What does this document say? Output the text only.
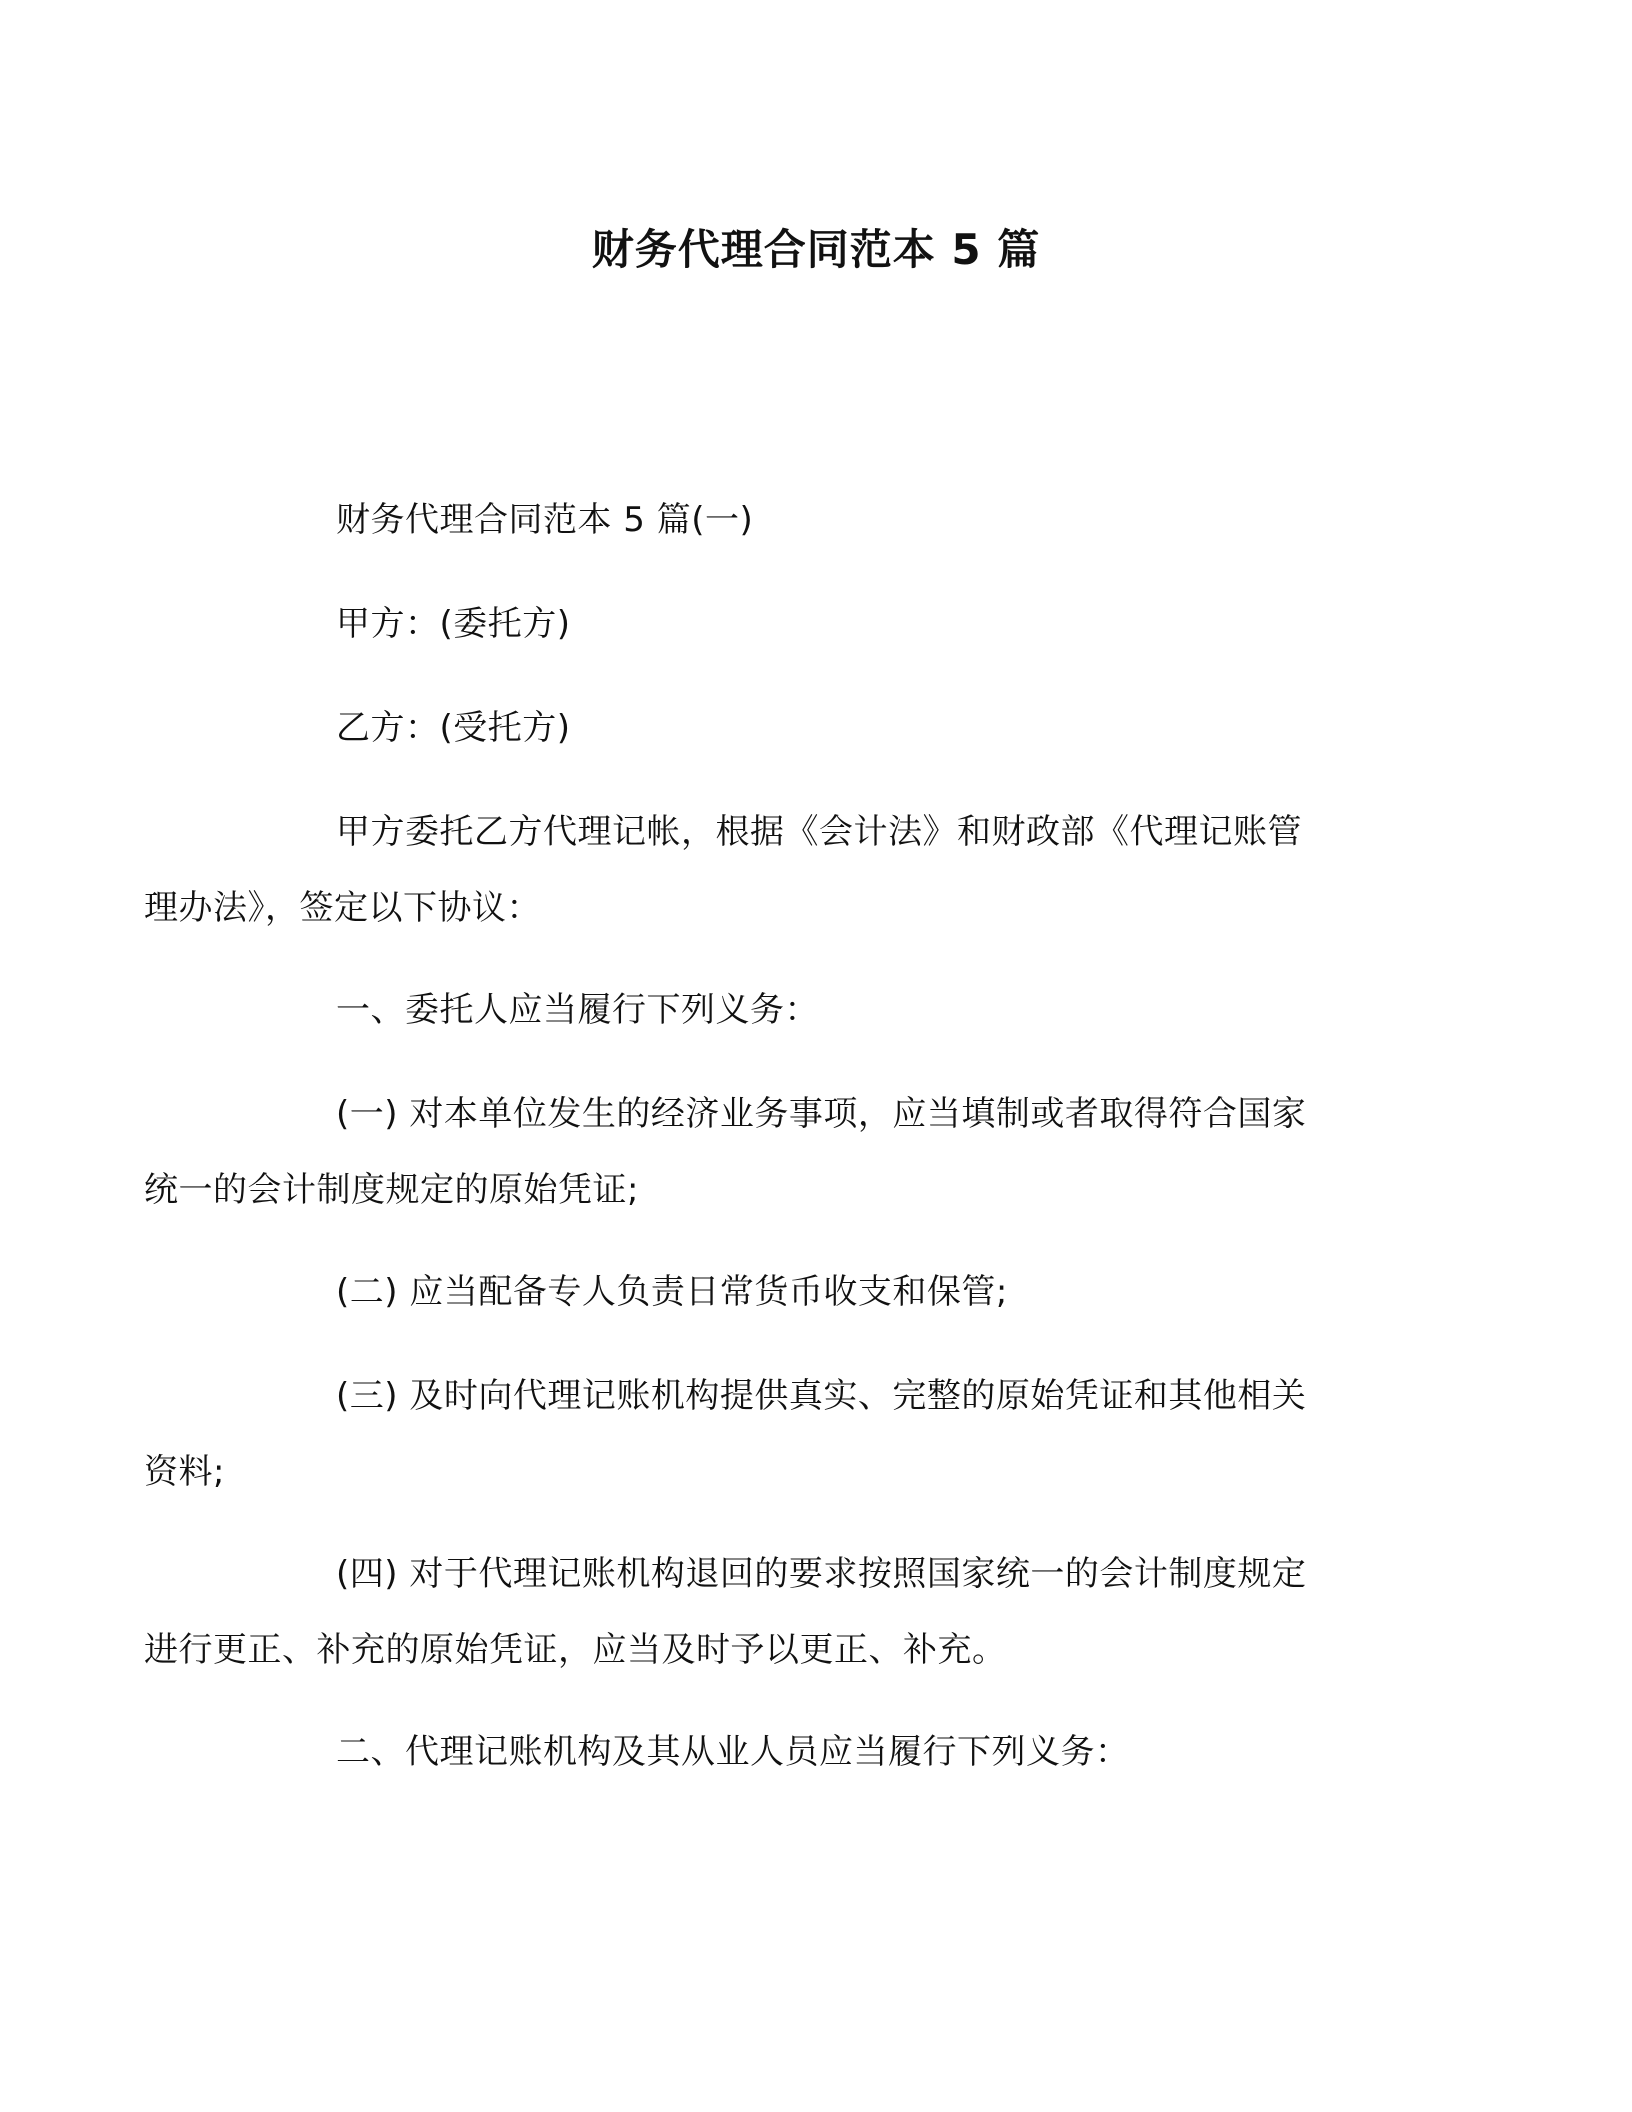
财务代理合同范本 5 篇
财务代理合同范本 5 篇(一)
甲方：(委托方)
乙方：(受托方)
甲方委托乙方代理记帐，根据《会计法》和财政部《代理记账管
理办法》，签定以下协议：
一、委托人应当履行下列义务：
(一) 对本单位发生的经济业务事项，应当填制或者取得符合国家
统一的会计制度规定的原始凭证;
(二) 应当配备专人负责日常货币收支和保管;
(三) 及时向代理记账机构提供真实、完整的原始凭证和其他相关
资料;
(四) 对于代理记账机构退回的要求按照国家统一的会计制度规定
进行更正、补充的原始凭证，应当及时予以更正、补充。
二、代理记账机构及其从业人员应当履行下列义务：
